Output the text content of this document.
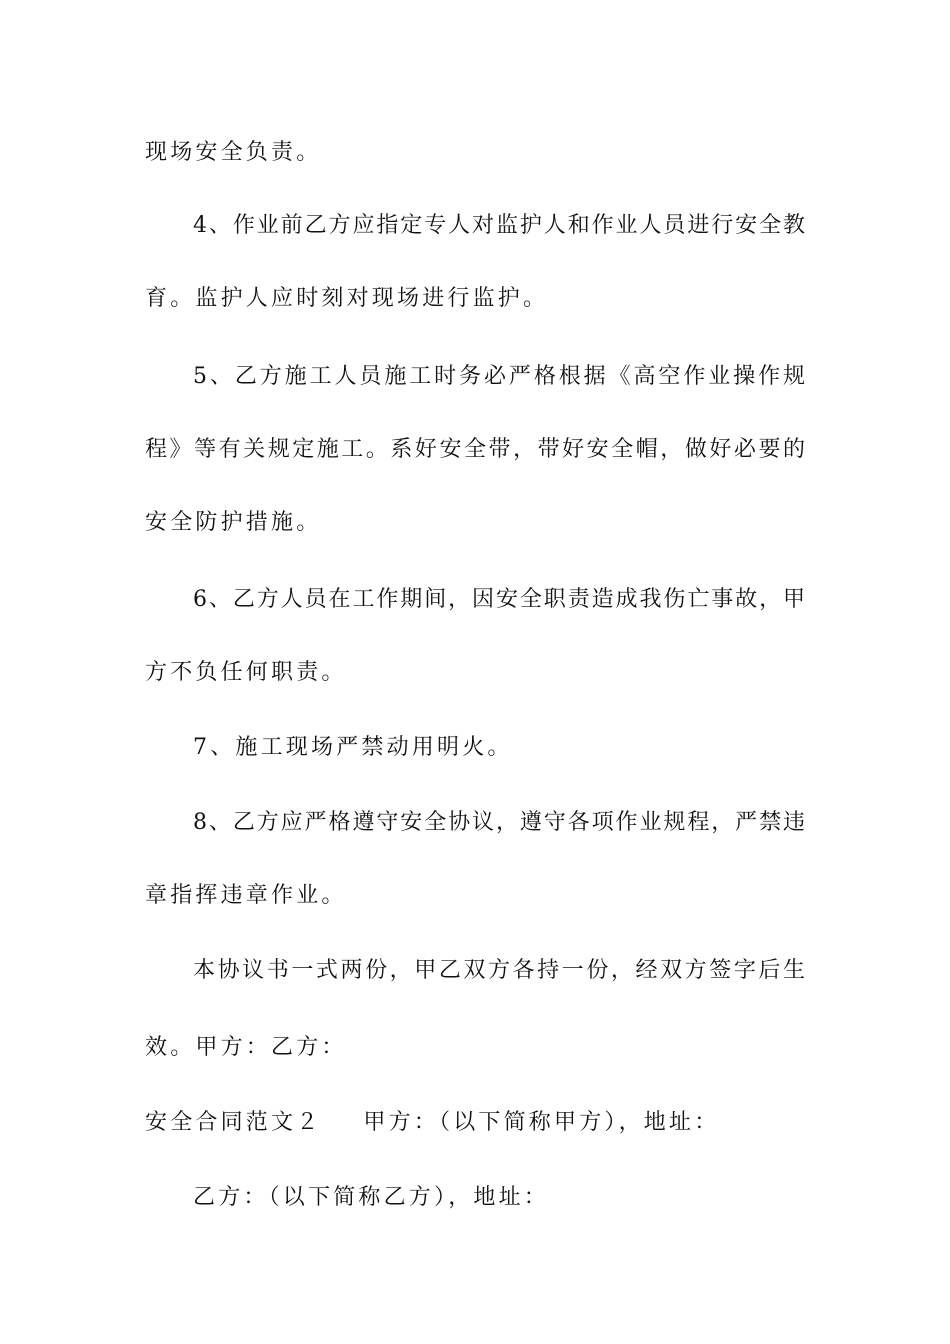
现场安全负责。
4、作业前乙方应指定专人对监护人和作业人员进行安全教
育。监护人应时刻对现场进行监护。
5、乙方施工人员施工时务必严格根据《高空作业操作规
程》等有关规定施工。系好安全带，带好安全帽，做好必要的
安全防护措施。
6、乙方人员在工作期间，因安全职责造成我伤亡事故，甲
方不负任何职责。
7、施工现场严禁动用明火。
8、乙方应严格遵守安全协议，遵守各项作业规程，严禁违
章指挥违章作业。
本协议书一式两份，甲乙双方各持一份，经双方签字后生
效。甲方：乙方：
安全合同范文２ 甲方：（以下简称甲方），地址：
乙方：（以下简称乙方），地址：
